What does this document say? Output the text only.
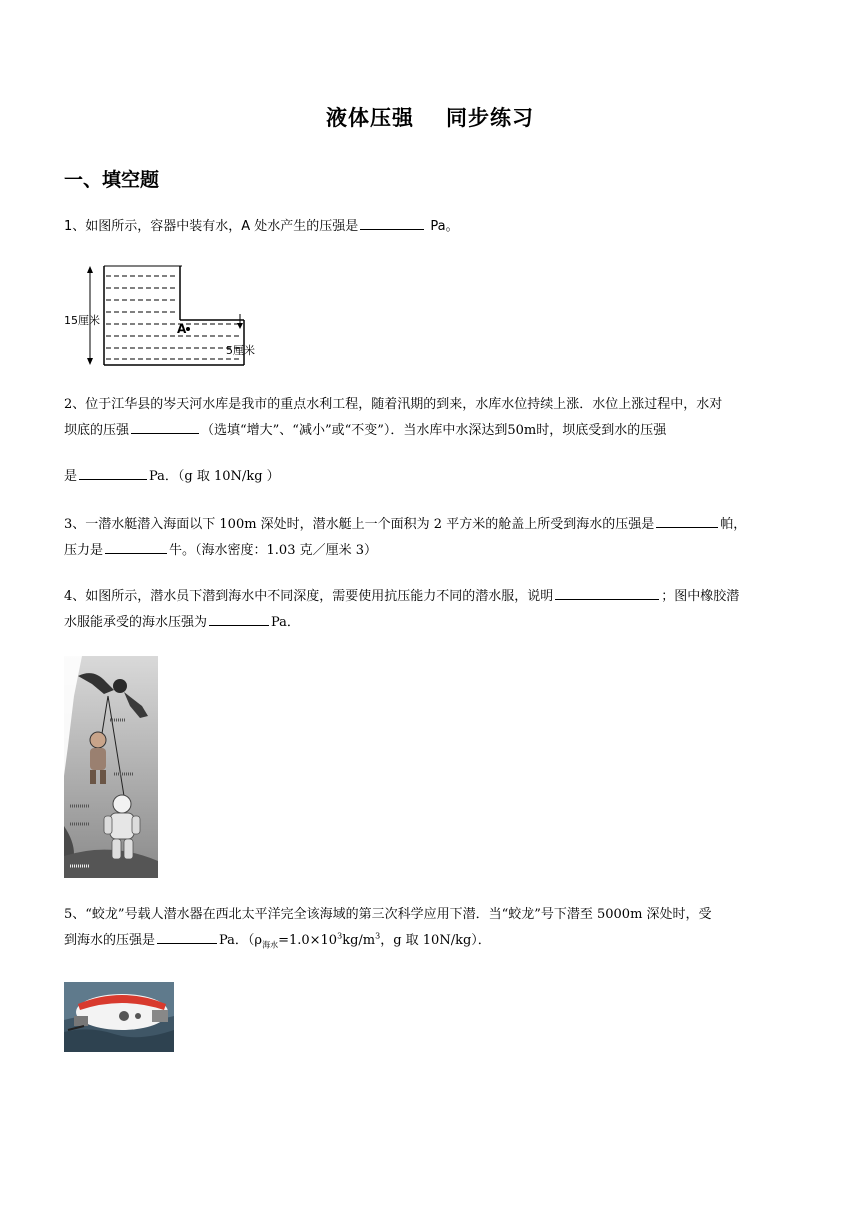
液体压强 同步练习
一、填空题
1、如图所示，容器中装有水，A 处水产生的压强是	Pa。
15厘米
A
5厘米
2、位于江华县的岑天河水库是我市的重点水利工程，随着汛期的到来，水库水位持续上涨．水位上涨过程中，水对
坝底的压强	（选填“增大”、“减小”或“不变”）．当水库中水深达到50m时，坝底受到水的压强
是	Pa．（g 取 10N/kg ）
3、一潜水艇潜入海面以下 100m 深处时，潜水艇上一个面积为 2 平方米的舱盖上所受到海水的压强是	帕，
压力是	牛。（海水密度：1.03 克／厘米 3）
4、如图所示，潜水员下潜到海水中不同深度，需要使用抗压能力不同的潜水服，说明	；图中橡胶潜
水服能承受的海水压强为	Pa．
5、“蛟龙”号载人潜水器在西北太平洋完全该海域的第三次科学应用下潜．当“蛟龙”号下潜至 5000m 深处时，受
到海水的压强是	Pa．（$\rho_{海水}=1.0\times 10^3kg/m^3$，g 取 10N/kg）．
